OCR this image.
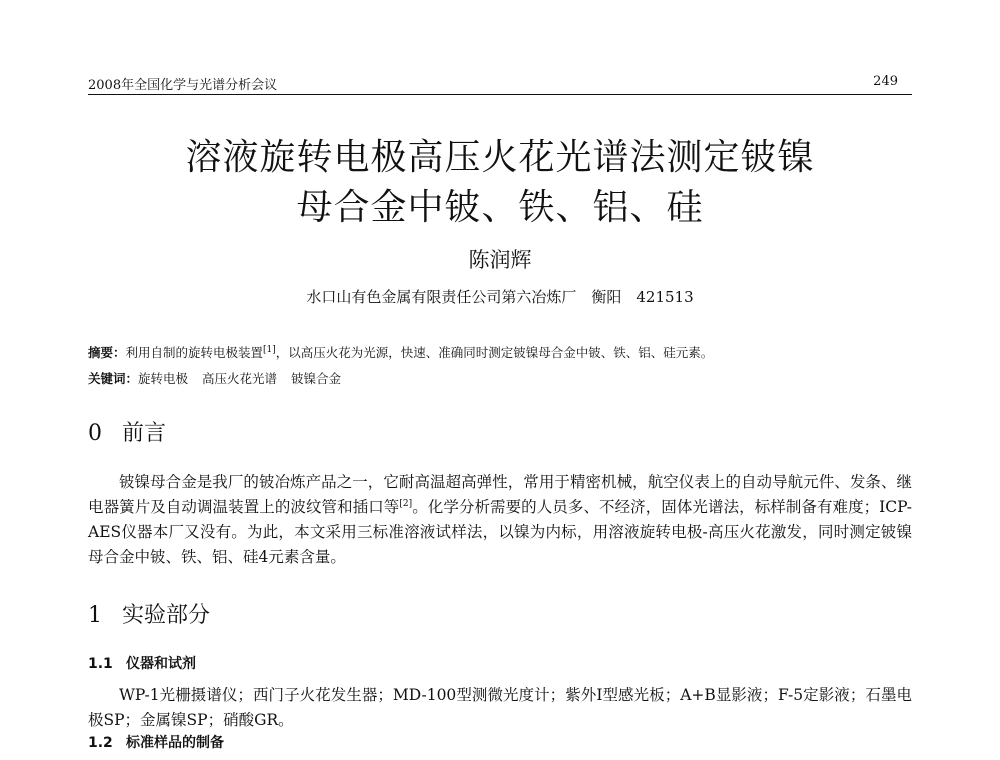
2008年全国化学与光谱分析会议	249
溶液旋转电极高压火花光谱法测定铍镍
母合金中铍、铁、铝、硅
陈润辉
水口山有色金属有限责任公司第六冶炼厂　衡阳　421513
摘要：利用自制的旋转电极装置[1]，以高压火花为光源，快速、准确同时测定铍镍母合金中铍、铁、铝、硅元素。
关键词：旋转电极 高压火花光谱 铍镍合金
0 前言
铍镍母合金是我厂的铍冶炼产品之一，它耐高温超高弹性，常用于精密机械，航空仪表上的自动导航元件、发条、继电器簧片及自动调温装置上的波纹管和插口等[2]。化学分析需要的人员多、不经济，固体光谱法，标样制备有难度；ICP-AES仪器本厂又没有。为此，本文采用三标准溶液试样法，以镍为内标，用溶液旋转电极-高压火花激发，同时测定铍镍母合金中铍、铁、铝、硅4元素含量。
1 实验部分
1.1 仪器和试剂
WP-1光栅摄谱仪；西门子火花发生器；MD-100型测微光度计；紫外I型感光板；A+B显影液；F-5定影液；石墨电极SP；金属镍SP；硝酸GR。
1.2 标准样品的制备
